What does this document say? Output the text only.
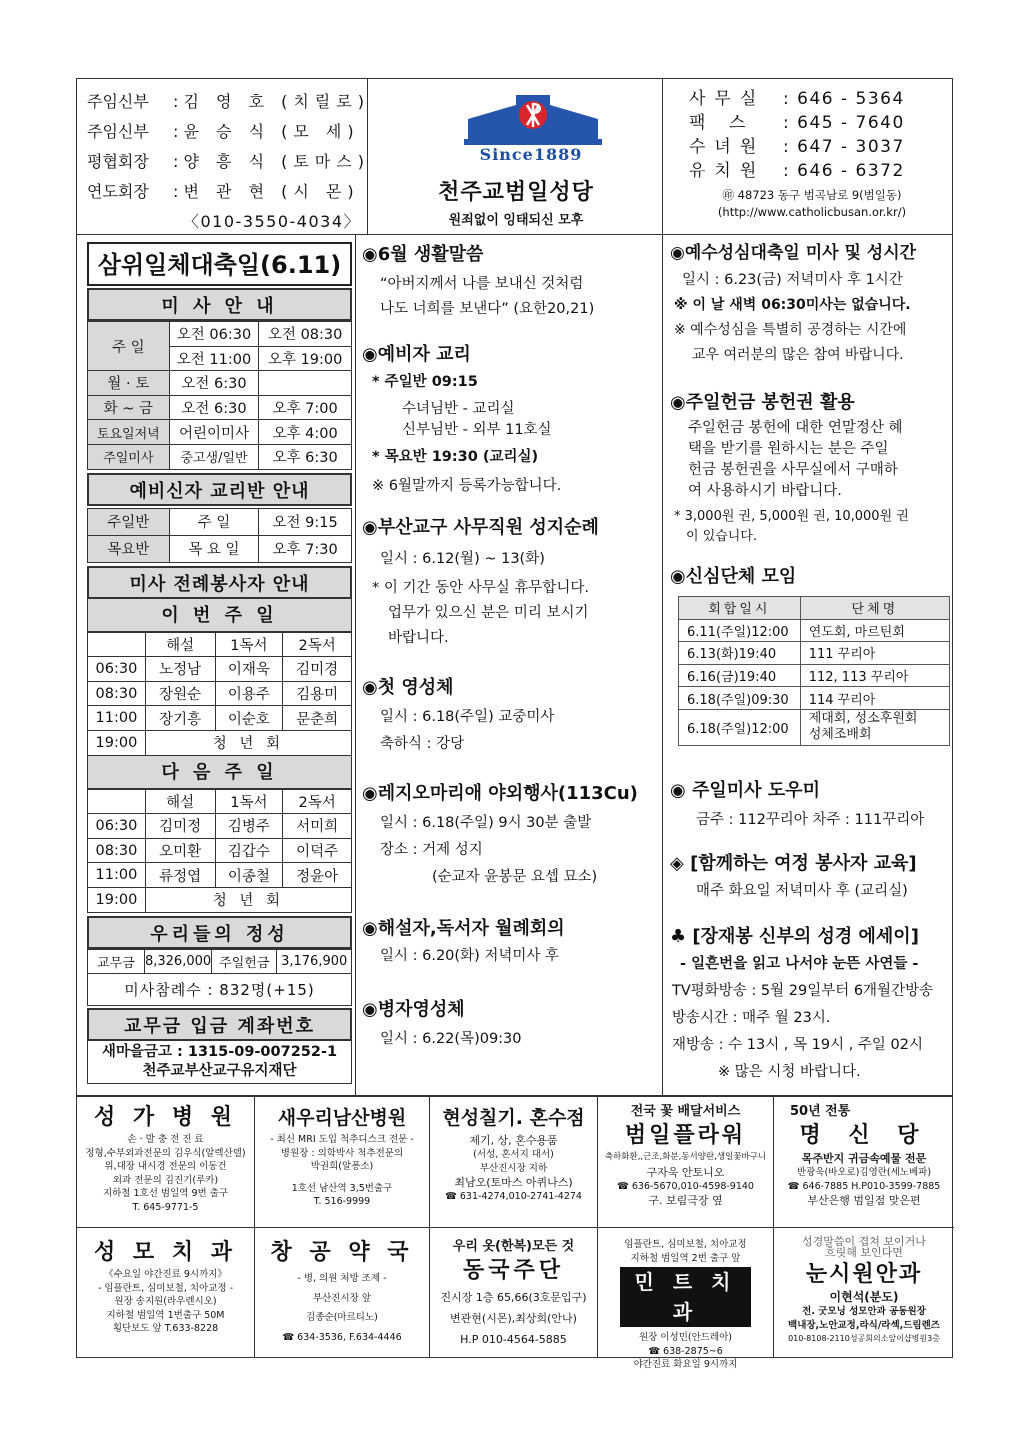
주임신부	: 김 영 호 (치릴로)
주임신부	: 윤 승 식 (모 세)
평협회장	: 양 흥 식 (토마스)
연도회장	: 변 관 현 (시 몬)
〈010-3550-4034〉
Since1889
천주교범일성당
원죄없이 잉태되신 모후
사무실	: 646 - 5364
팩 스	: 645 - 7640
수녀원	: 647 - 3037
유치원	: 646 - 6372
㊞ 48723 동구 범곡남로 9(범일동)
(http://www.catholicbusan.or.kr/)
삼위일체대축일(6.11)
미 사 안 내
주 일	오전 06:30	오전 08:30
	오전 11:00	오후 19:00
월 · 토	오전 6:30	
화 ~ 금	오전 6:30	오후 7:00
토요일저녁	어린이미사	오후 4:00
주일미사	중고생/일반	오후 6:30
예비신자 교리반 안내
주일반	주 일	오전 9:15
목요반	목 요 일	오후 7:30
미사 전례봉사자 안내
이 번 주 일
	해설	1독서	2독서
06:30	노정남	이재욱	김미경
08:30	장원순	이용주	김용미
11:00	장기흥	이순호	문춘희
19:00	청 년 회		
다 음 주 일
	해설	1독서	2독서
06:30	김미정	김병주	서미희
08:30	오미환	김갑수	이덕주
11:00	류정엽	이종철	정윤아
19:00	청 년 회		
우리들의 정성
교무금	8,326,000	주일헌금	3,176,900
미사참례수 : 832명(+15)
교무금 입금 계좌번호
새마을금고 : 1315-09-007252-1
천주교부산교구유지재단
◉6월 생활말씀
“아버지께서 나를 보내신 것처럼
나도 너희를 보낸다” (요한20,21)
◉예비자 교리
* 주일반 09:15
수녀님반 - 교리실
신부님반 - 외부 11호실
* 목요반 19:30 (교리실)
※ 6월말까지 등록가능합니다.
◉부산교구 사무직원 성지순례
일시 : 6.12(월) ~ 13(화)
* 이 기간 동안 사무실 휴무합니다.
업무가 있으신 분은 미리 보시기
바랍니다.
◉첫 영성체
일시 : 6.18(주일) 교중미사
축하식 : 강당
◉레지오마리애 야외행사(113Cu)
일시 : 6.18(주일) 9시 30분 출발
장소 : 거제 성지
(순교자 윤봉문 요셉 묘소)
◉해설자,독서자 월례회의
일시 : 6.20(화) 저녁미사 후
◉병자영성체
일시 : 6.22(목)09:30
◉예수성심대축일 미사 및 성시간
일시 : 6.23(금) 저녁미사 후 1시간
※ 이 날 새벽 06:30미사는 없습니다.
※ 예수성심을 특별히 공경하는 시간에
교우 여러분의 많은 참여 바랍니다.
◉주일헌금 봉헌권 활용
주일헌금 봉헌에 대한 연말정산 혜
택을 받기를 원하시는 분은 주일
헌금 봉헌권을 사무실에서 구매하
여 사용하시기 바랍니다.
* 3,000원 권, 5,000원 권, 10,000원 권
이 있습니다.
◉신심단체 모임
회합일시	단체명
6.11(주일)12:00	연도회, 마르틴회
6.13(화)19:40	111 꾸리아
6.16(금)19:40	112, 113 꾸리아
6.18(주일)09:30	114 꾸리아
6.18(주일)12:00	제대회, 성소후원회
성체조배회
◉ 주일미사 도우미
금주 : 112꾸리아 차주 : 111꾸리아
◈ [함께하는 여정 봉사자 교육]
매주 화요일 저녁미사 후 (교리실)
♣ [장재봉 신부의 성경 에세이]
- 일흔번을 읽고 나서야 눈뜬 사연들 -
TV평화방송 : 5월 29일부터 6개월간방송
방송시간 : 매주 월 23시.
재방송 : 수 13시 , 목 19시 , 주일 02시
※ 많은 시청 바랍니다.
성 가 병 원
손 · 발 충 전 진 료
정형,수부외과전문의 김우식(알렉산델)
위,대장 내시경 전문의 이동건
외과 전문의 김진기(루카)
지하철 1호선 범일역 9번 출구
T. 645-9771-5
새우리남산병원
- 최신 MRI 도입 척추디스크 전문 -
병원장 : 의학박사 척추전문의
박권희(알퐁소)
1호선 남산역 3,5번출구
T. 516-9999
현성칠기. 혼수점
제기, 상, 혼수용품
(서성, 혼서지 대서)
부산진시장 지하
최남오(토마스 아퀴나스)
☎ 631-4274,010-2741-4274
전국 꽃 배달서비스
범일플라워
축하화환,,근조,화분,동서양란,생일꽃바구니
구자욱 안토니오
☎ 636-5670,010-4598-9140
구. 보림극장 옆
50년 전통
명 신 당
목주반지 귀금속예물 전문
반광욱(바오로)김영란(세노베파)
☎ 646-7885 H.P010-3599-7885
부산은행 범일점 맞은편
성 모 치 과
《수요일 야간진료 9시까지》
- 임플란트, 심미보철, 치아교정 -
원장 송지원(라우렌시오)
지하철 범일역 1번출구 50M
횡단보도 앞 T.633-8228
창 공 약 국
- 병, 의원 처방 조제 -
부산진시장 앞
김종순(마르티노)
☎ 634-3536, F.634-4446
우리 옷(한복)모든 것
동국주단
진시장 1층 65,66(3호문입구)
변관현(시몬),최상희(안나)
H.P 010-4564-5885
임플란트, 심미보철, 치아교정
지하철 범일역 2번 출구 앞
민 트 치 과
원장 이성민(안드레아)
☎ 638-2875~6
야간진료 화요일 9시까지
성경말씀이 겹쳐 보이거나
흐릿해 보인다면
눈시원안과
이현석(분도)
전. 굿모닝 성모안과 공동원장
백내장,노안교정,라식/라섹,드림렌즈
010-8108-2110성공회의소앞이샵병원3층
